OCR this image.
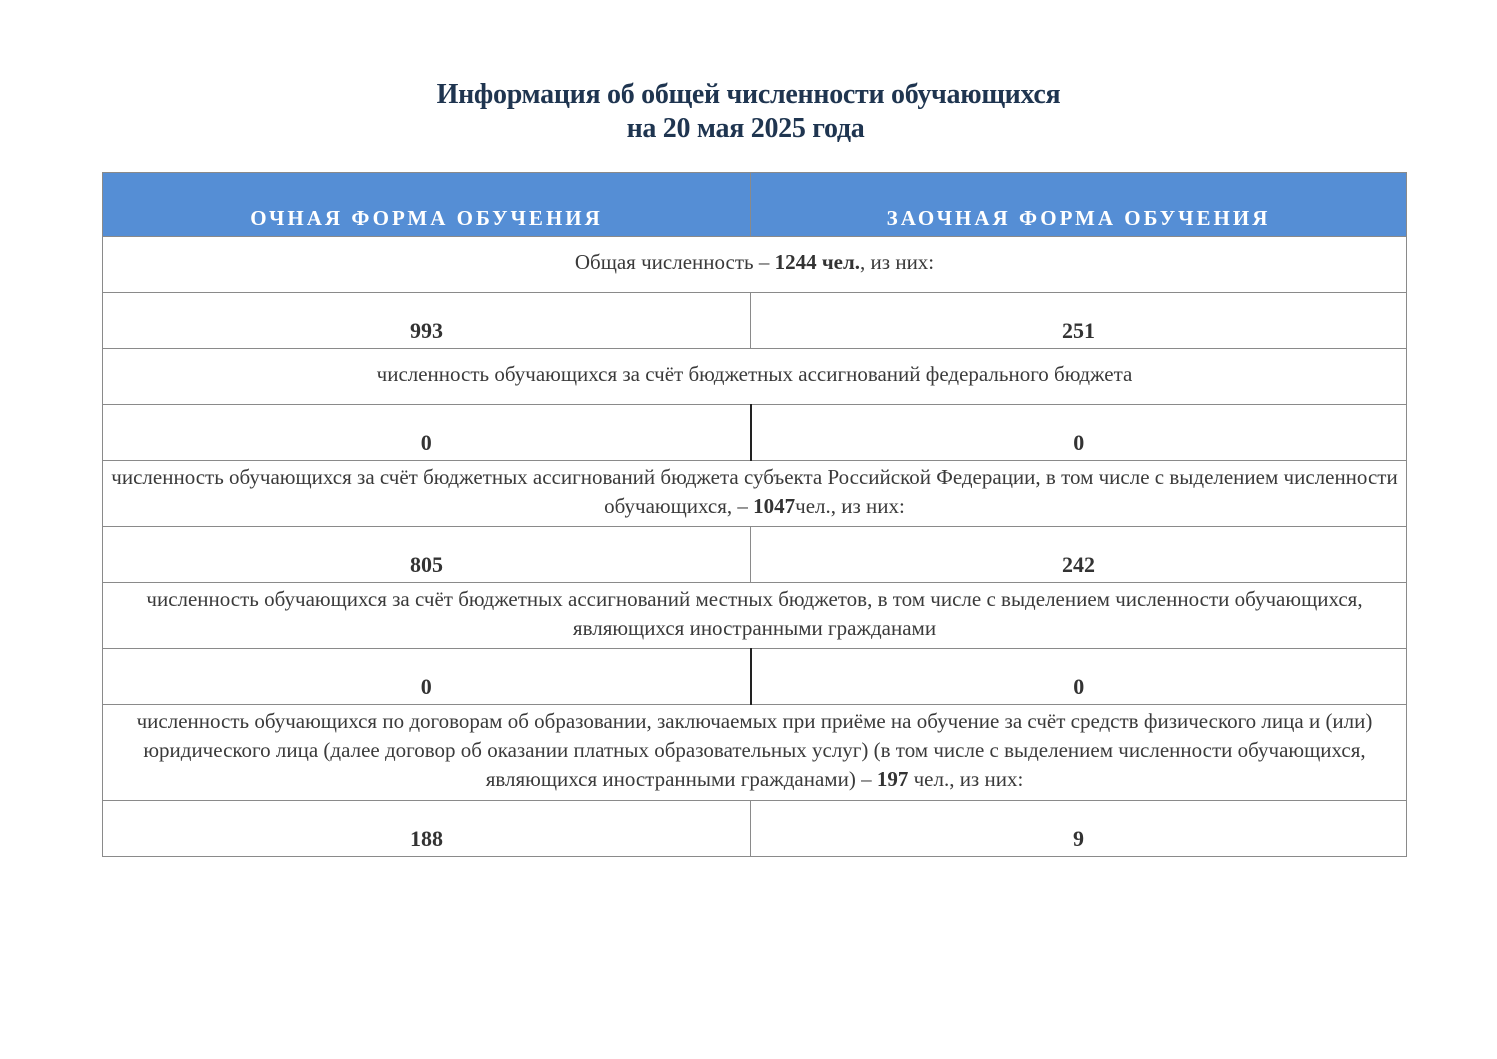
Информация об общей численности обучающихся
на 20 мая 2025 года
ОЧНАЯ ФОРМА ОБУЧЕНИЯ	ЗАОЧНАЯ ФОРМА ОБУЧЕНИЯ
Общая численность – 1244 чел., из них:	
993	251
численность обучающихся за счёт бюджетных ассигнований федерального бюджета	
0	0
численность обучающихся за счёт бюджетных ассигнований бюджета субъекта Российской Федерации, в том числе с выделением численности обучающихся, – 1047чел., из них:	
805	242
численность обучающихся за счёт бюджетных ассигнований местных бюджетов, в том числе с выделением численности обучающихся, являющихся иностранными гражданами	
0	0
численность обучающихся по договорам об образовании, заключаемых при приёме на обучение за счёт средств физического лица и (или) юридического лица (далее договор об оказании платных образовательных услуг) (в том числе с выделением численности обучающихся, являющихся иностранными гражданами) – 197 чел., из них:	
188	9
